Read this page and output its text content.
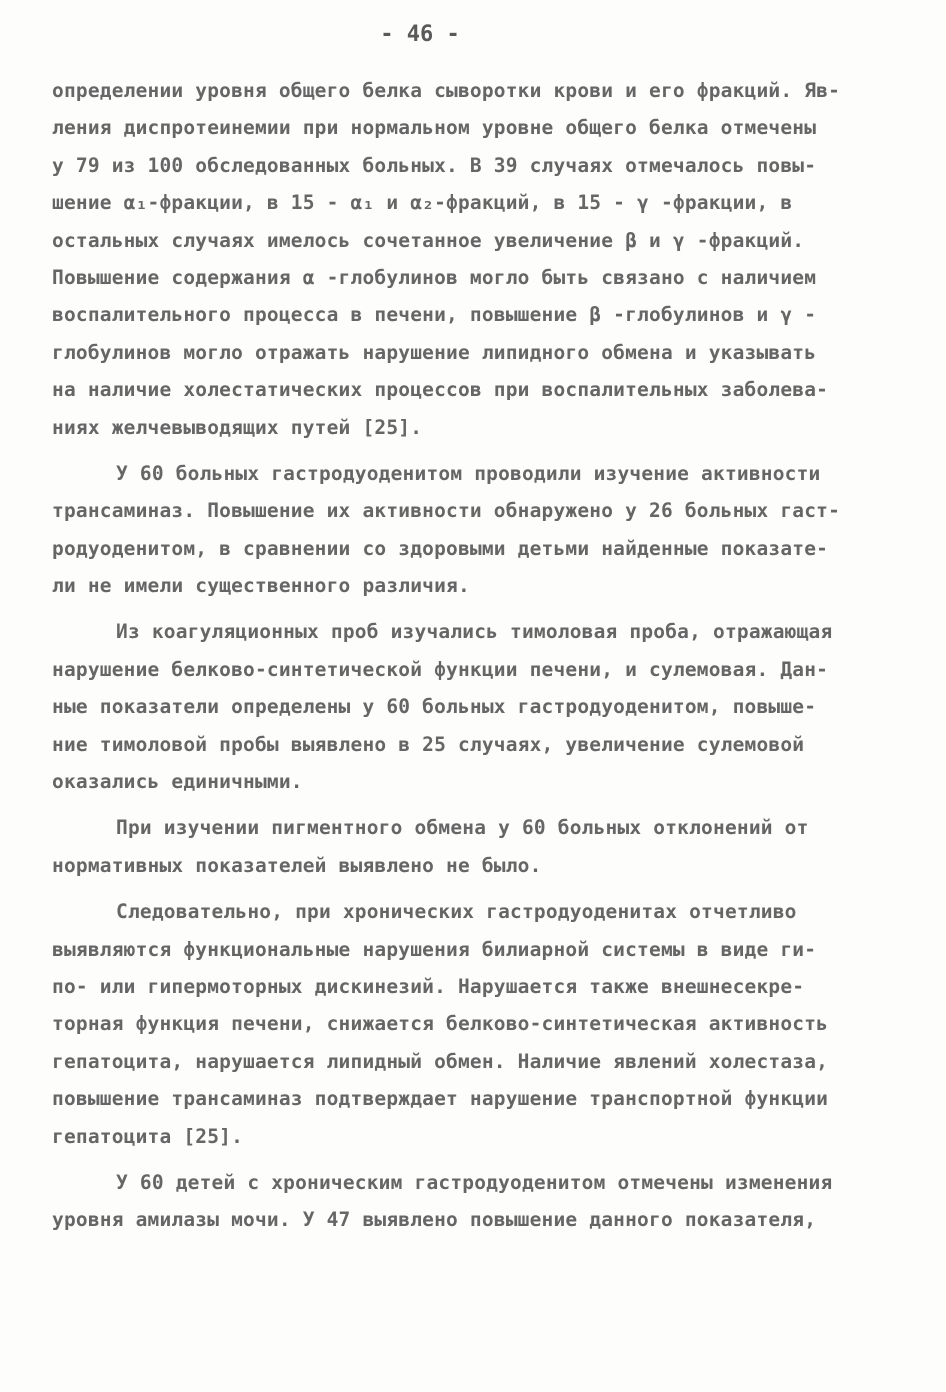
- 46 -
определении уровня общего белка сыворотки крови и его фракций. Яв-
ления диспротеинемии при нормальном уровне общего белка отмечены
у 79 из 100 обследованных больных. В 39 случаях отмечалось повы-
шение α₁-фракции, в 15 - α₁ и α₂-фракций, в 15 - γ -фракции, в
остальных случаях имелось сочетанное увеличение β и γ -фракций.
Повышение содержания α -глобулинов могло быть связано с наличием
воспалительного процесса в печени, повышение β -глобулинов и γ -
глобулинов могло отражать нарушение липидного обмена и указывать
на наличие холестатических процессов при воспалительных заболева-
ниях желчевыводящих путей [25].
У 60 больных гастродуоденитом проводили изучение активности
трансаминаз. Повышение их активности обнаружено у 26 больных гаст-
родуоденитом, в сравнении со здоровыми детьми найденные показате-
ли не имели существенного различия.
Из коагуляционных проб изучались тимоловая проба, отражающая
нарушение белково-синтетической функции печени, и сулемовая. Дан-
ные показатели определены у 60 больных гастродуоденитом, повыше-
ние тимоловой пробы выявлено в 25 случаях, увеличение сулемовой
оказались единичными.
При изучении пигментного обмена у 60 больных отклонений от
нормативных показателей выявлено не было.
Следовательно, при хронических гастродуоденитах отчетливо
выявляются функциональные нарушения билиарной системы в виде ги-
по- или гипермоторных дискинезий. Нарушается также внешнесекре-
торная функция печени, снижается белково-синтетическая активность
гепатоцита, нарушается липидный обмен. Наличие явлений холестаза,
повышение трансаминаз подтверждает нарушение транспортной функции
гепатоцита [25].
У 60 детей с хроническим гастродуоденитом отмечены изменения
уровня амилазы мочи. У 47 выявлено повышение данного показателя,
